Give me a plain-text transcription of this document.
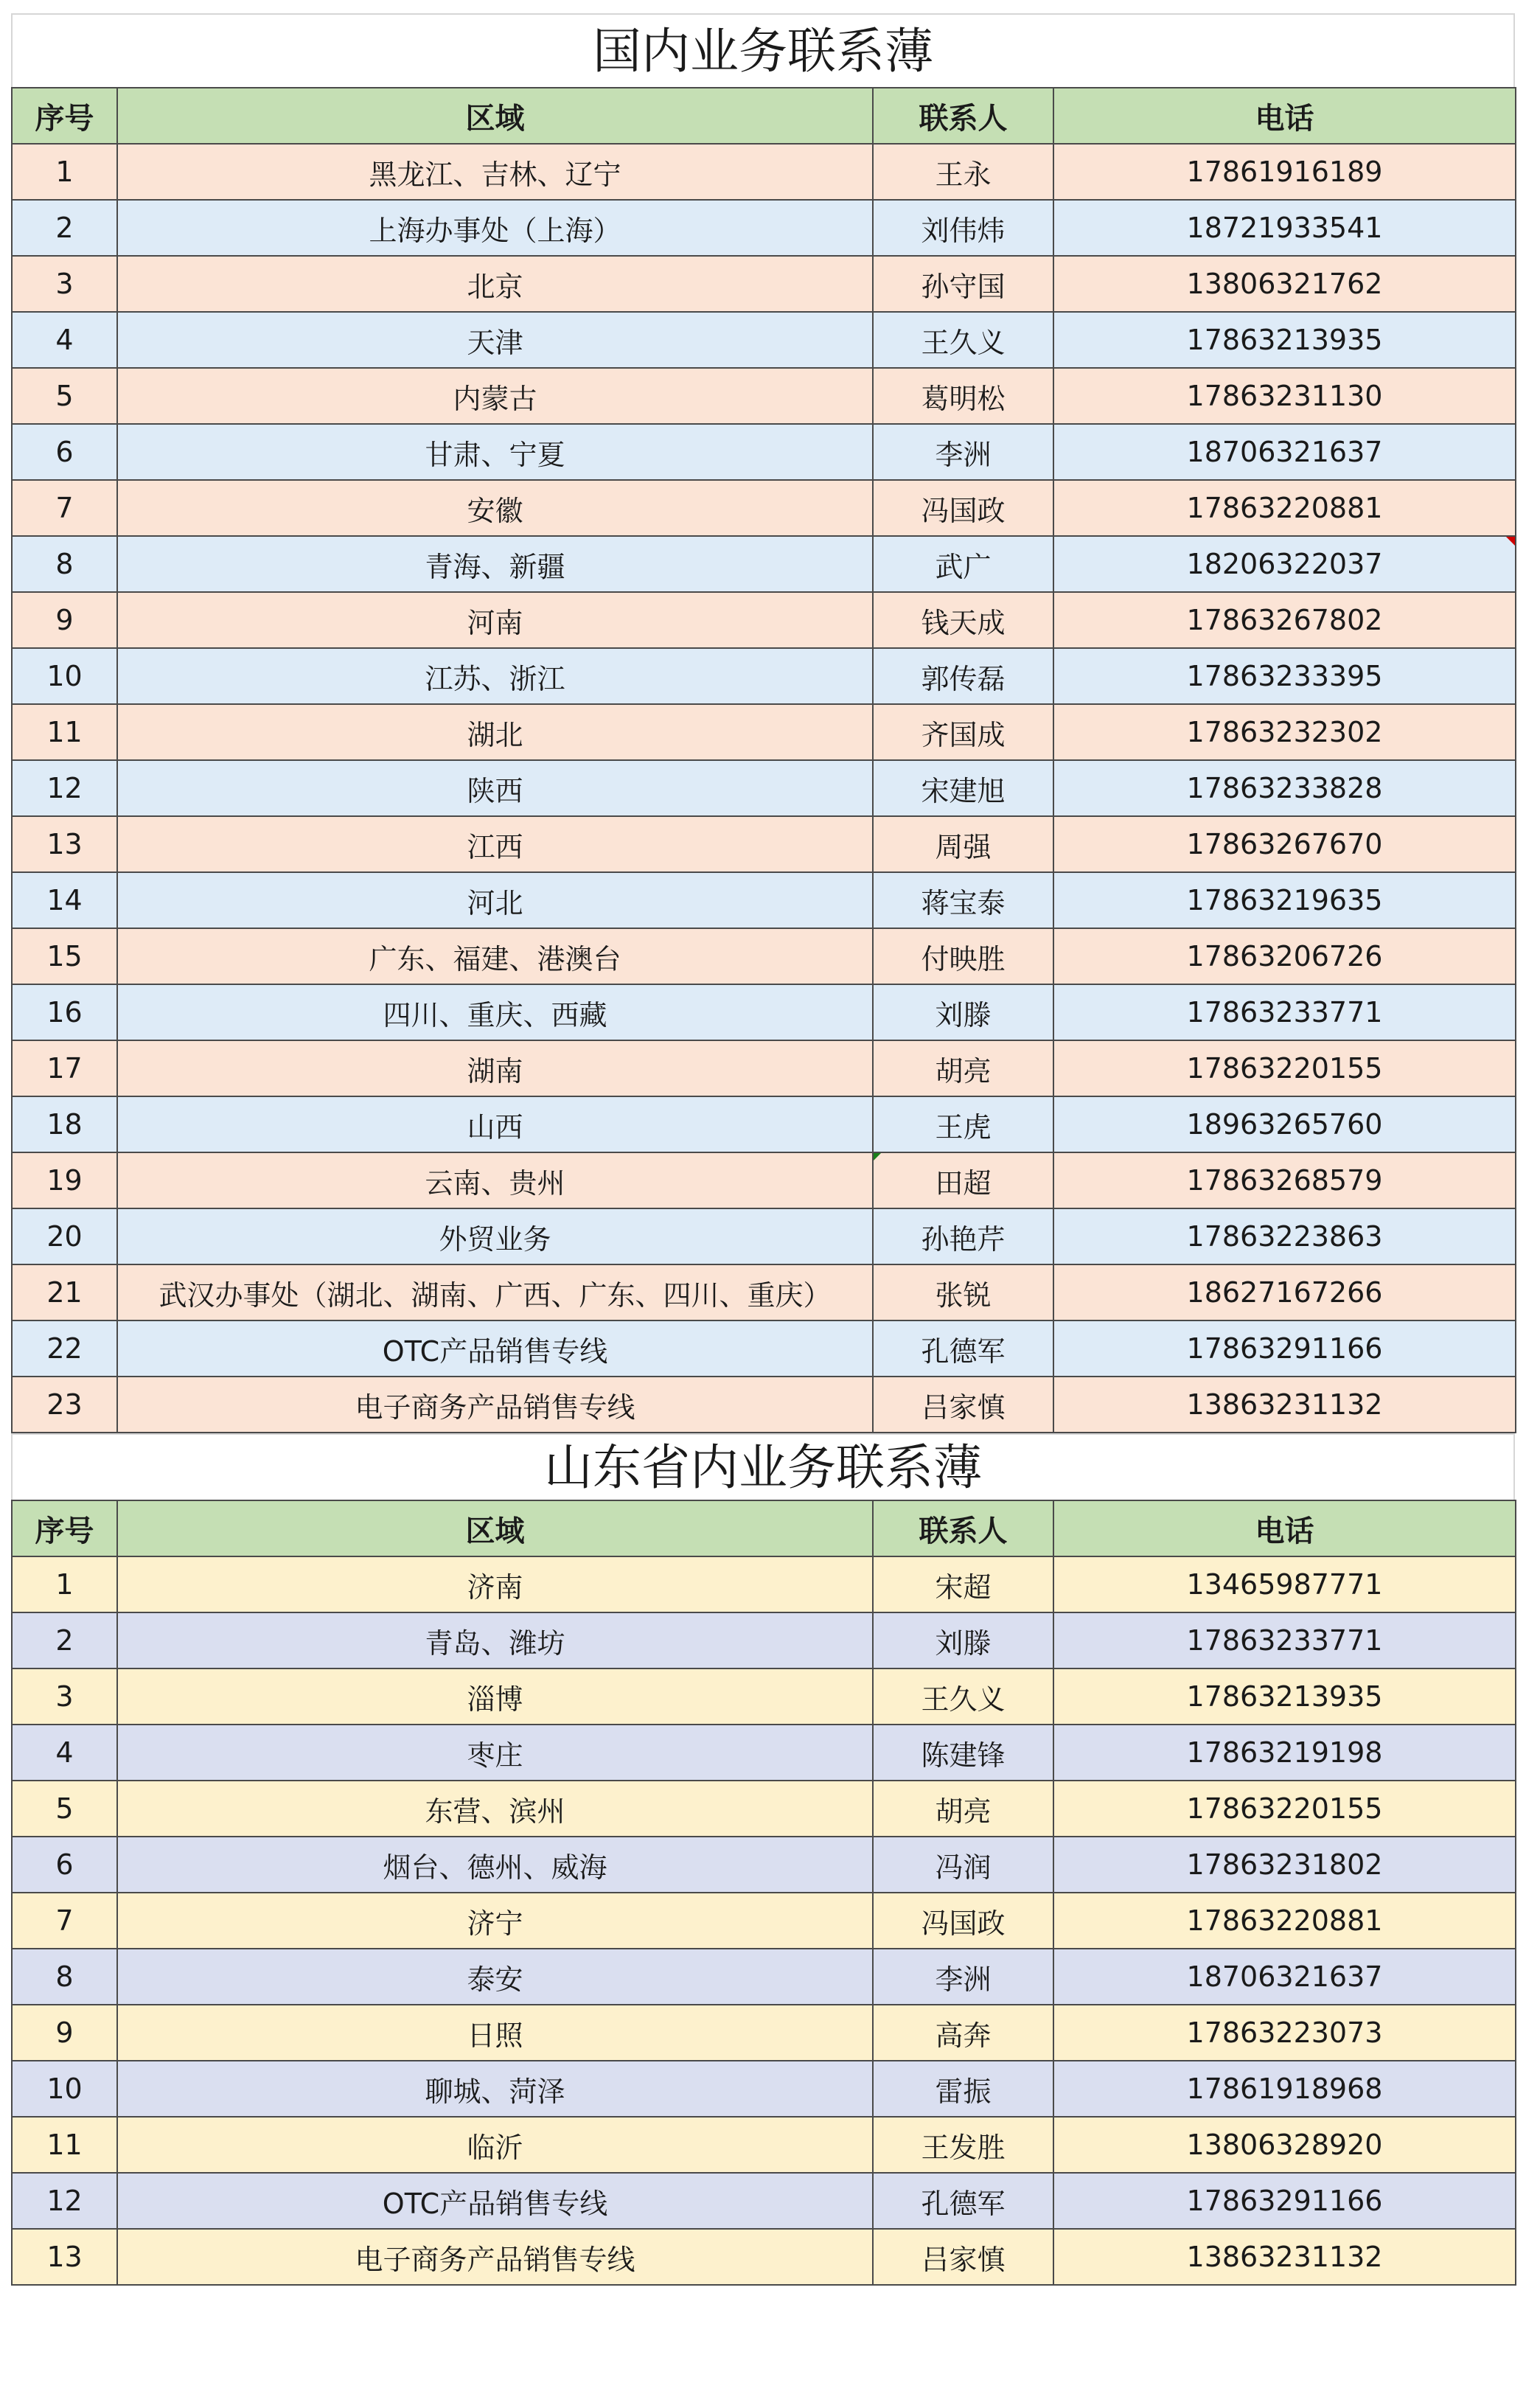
国内业务联系薄
序号	区域	联系人	电话
1	黑龙江、吉林、辽宁	王永	17861916189
2	上海办事处（上海）	刘伟炜	18721933541
3	北京	孙守国	13806321762
4	天津	王久义	17863213935
5	内蒙古	葛明松	17863231130
6	甘肃、宁夏	李洲	18706321637
7	安徽	冯国政	17863220881
8	青海、新疆	武广	18206322037

9	河南	钱天成	17863267802
10	江苏、浙江	郭传磊	17863233395
11	湖北	齐国成	17863232302
12	陕西	宋建旭	17863233828
13	江西	周强	17863267670
14	河北	蒋宝泰	17863219635
15	广东、福建、港澳台	付映胜	17863206726
16	四川、重庆、西藏	刘滕	17863233771
17	湖南	胡亮	17863220155
18	山西	王虎	18963265760
19	云南、贵州	田超	17863268579
20	外贸业务	孙艳芹	17863223863
21	武汉办事处（湖北、湖南、广西、广东、四川、重庆）	张锐	18627167266
22	OTC产品销售专线	孔德军	17863291166
23	电子商务产品销售专线	吕家慎	13863231132
山东省内业务联系薄
序号	区域	联系人	电话
1	济南	宋超	13465987771
2	青岛、潍坊	刘滕	17863233771
3	淄博	王久义	17863213935
4	枣庄	陈建锋	17863219198
5	东营、滨州	胡亮	17863220155
6	烟台、德州、威海	冯润	17863231802
7	济宁	冯国政	17863220881
8	泰安	李洲	18706321637
9	日照	高奔	17863223073
10	聊城、菏泽	雷振	17861918968
11	临沂	王发胜	13806328920
12	OTC产品销售专线	孔德军	17863291166
13	电子商务产品销售专线	吕家慎	13863231132
